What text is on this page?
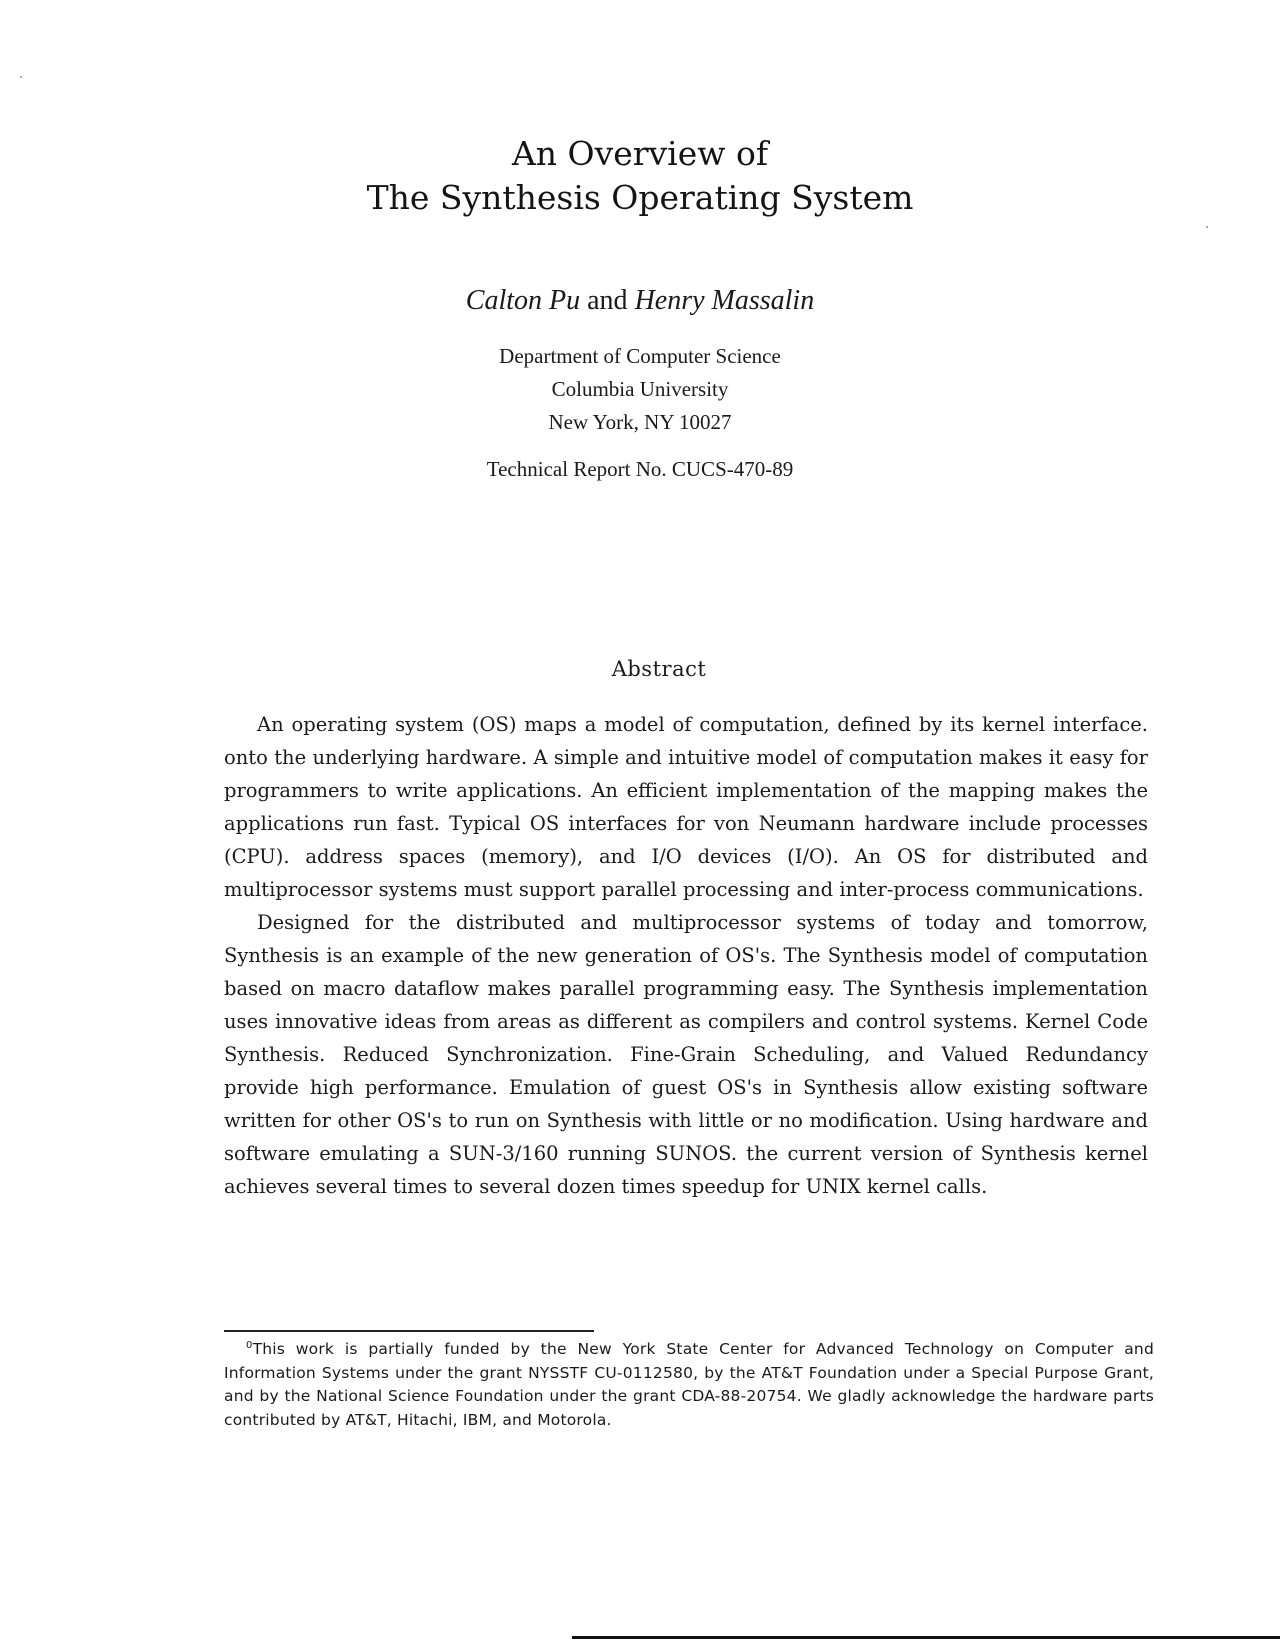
An Overview of
The Synthesis Operating System
Calton Pu and Henry Massalin
Department of Computer Science
Columbia University
New York, NY 10027
Technical Report No. CUCS-470-89
Abstract

An operating system (OS) maps a model of computation, defined by its kernel interface. onto the underlying hardware. A simple and intuitive model of computation makes it easy for programmers to write applications. An efficient implementation of the mapping makes the applications run fast. Typical OS interfaces for von Neumann hardware include processes (CPU). address spaces (memory), and I/O devices (I/O). An OS for distributed and multiprocessor systems must support parallel processing and inter-process communications.

Designed for the distributed and multiprocessor systems of today and tomorrow, Synthesis is an example of the new generation of OS's. The Synthesis model of computation based on macro dataflow makes parallel programming easy. The Synthesis implementation uses innovative ideas from areas as different as compilers and control systems. Kernel Code Synthesis. Reduced Synchronization. Fine-Grain Scheduling, and Valued Redundancy provide high performance. Emulation of guest OS's in Synthesis allow existing software written for other OS's to run on Synthesis with little or no modification. Using hardware and software emulating a SUN-3/160 running SUNOS. the current version of Synthesis kernel achieves several times to several dozen times speedup for UNIX kernel calls.

$^0$This work is partially funded by the New York State Center for Advanced Technology on Computer and Information Systems under the grant NYSSTF CU-0112580, by the AT&T Foundation under a Special Purpose Grant, and by the National Science Foundation under the grant CDA-88-20754. We gladly acknowledge the hardware parts contributed by AT&T, Hitachi, IBM, and Motorola.
